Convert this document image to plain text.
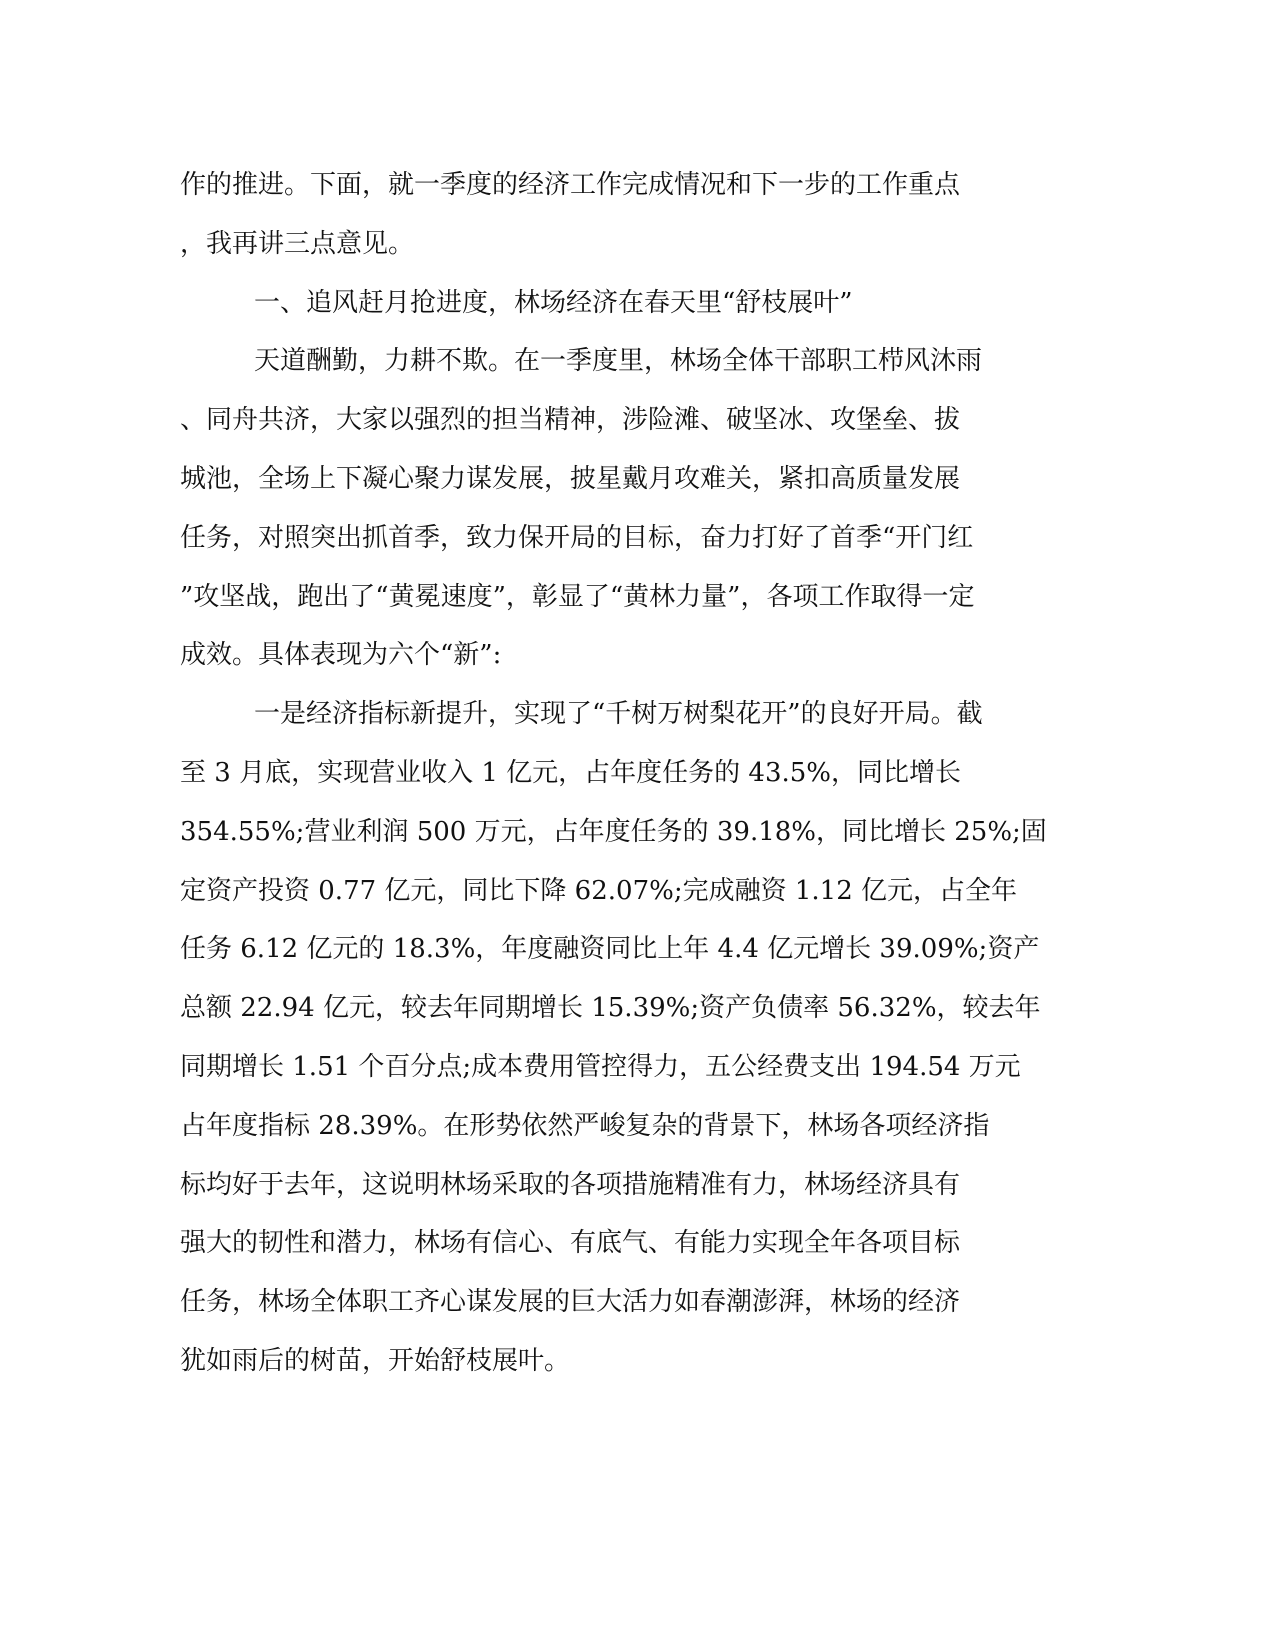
作的推进。下面，就一季度的经济工作完成情况和下一步的工作重点
，我再讲三点意见。
一、追风赶月抢进度，林场经济在春天里“舒枝展叶”
天道酬勤，力耕不欺。在一季度里，林场全体干部职工栉风沐雨
、同舟共济，大家以强烈的担当精神，涉险滩、破坚冰、攻堡垒、拔
城池，全场上下凝心聚力谋发展，披星戴月攻难关，紧扣高质量发展
任务，对照突出抓首季，致力保开局的目标，奋力打好了首季“开门红
”攻坚战，跑出了“黄冕速度”，彰显了“黄林力量”，各项工作取得一定
成效。具体表现为六个“新”:
一是经济指标新提升，实现了“千树万树梨花开”的良好开局。截
至 3 月底，实现营业收入 1 亿元，占年度任务的 43.5%，同比增长
354.55%;营业利润 500 万元，占年度任务的 39.18%，同比增长 25%;固
定资产投资 0.77 亿元，同比下降 62.07%;完成融资 1.12 亿元，占全年
任务 6.12 亿元的 18.3%，年度融资同比上年 4.4 亿元增长 39.09%;资产
总额 22.94 亿元，较去年同期增长 15.39%;资产负债率 56.32%，较去年
同期增长 1.51 个百分点;成本费用管控得力，五公经费支出 194.54 万元
占年度指标 28.39%。在形势依然严峻复杂的背景下，林场各项经济指
标均好于去年，这说明林场采取的各项措施精准有力，林场经济具有
强大的韧性和潜力，林场有信心、有底气、有能力实现全年各项目标
任务，林场全体职工齐心谋发展的巨大活力如春潮澎湃，林场的经济
犹如雨后的树苗，开始舒枝展叶。
